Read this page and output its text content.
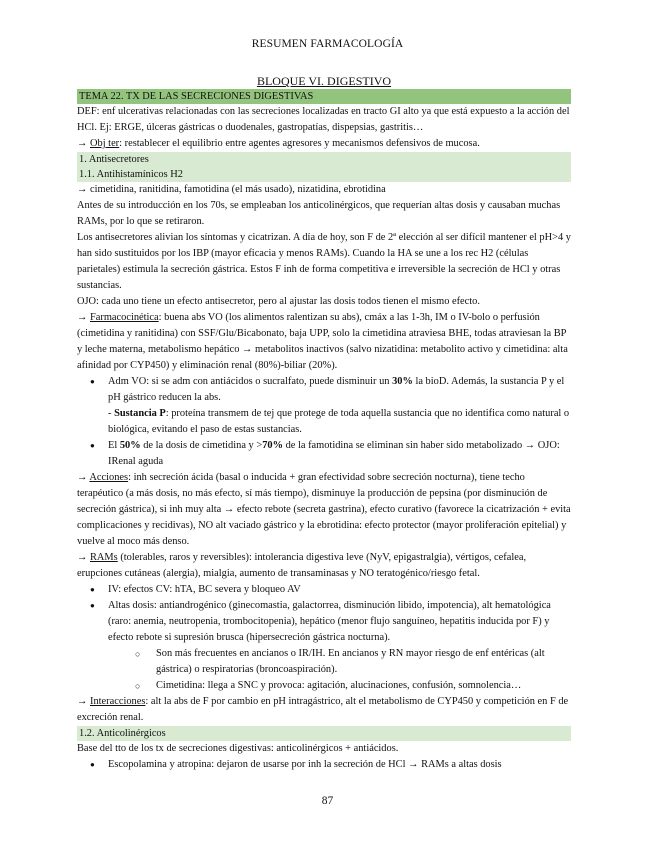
RESUMEN FARMACOLOGÍA

BLOQUE VI. DIGESTIVO

TEMA 22. TX DE LAS SECRECIONES DIGESTIVAS

DEF: enf ulcerativas relacionadas con las secreciones localizadas en tracto GI alto ya que está expuesto a la acción del HCl. Ej: ERGE, úlceras gástricas o duodenales, gastropatías, dispepsias, gastritis…

→ Obj ter: restablecer el equilibrio entre agentes agresores y mecanismos defensivos de mucosa.

1. Antisecretores

1.1. Antihistamínicos H2

→ cimetidina, ranitidina, famotidina (el más usado), nizatidina, ebrotidina

Antes de su introducción en los 70s, se empleaban los anticolinérgicos, que requerían altas dosis y causaban muchas RAMs, por lo que se retiraron.

Los antisecretores alivian los síntomas y cicatrizan. A día de hoy, son F de 2ª elección al ser difícil mantener el pH>4 y han sido sustituidos por los IBP (mayor eficacia y menos RAMs). Cuando la HA se une a los rec H2 (células parietales) estimula la secreción gástrica. Estos F inh de forma competitiva e irreversible la secreción de HCl y otras sustancias.

OJO: cada uno tiene un efecto antisecretor, pero al ajustar las dosis todos tienen el mismo efecto.

→ Farmacocinética: buena abs VO (los alimentos ralentizan su abs), cmáx a las 1-3h, IM o IV-bolo o perfusión (cimetidina y ranitidina) con SSF/Glu/Bicabonato, baja UPP, solo la cimetidina atraviesa BHE, todas atraviesan la BP y leche materna, metabolismo hepático → metabolitos inactivos (salvo nizatidina: metabolito activo y cimetidina: alta afinidad por CYP450) y eliminación renal (80%)-biliar (20%).

● Adm VO: si se adm con antiácidos o sucralfato, puede disminuir un 30% la bioD. Además, la sustancia P y el pH gástrico reducen la abs.
- Sustancia P: proteína transmem de tej que protege de toda aquella sustancia que no identifica como natural o biológica, evitando el paso de estas sustancias.
● El 50% de la dosis de cimetidina y >70% de la famotidina se eliminan sin haber sido metabolizado → OJO: IRenal aguda

→ Acciones: inh secreción ácida (basal o inducida + gran efectividad sobre secreción nocturna), tiene techo terapéutico (a más dosis, no más efecto, sí más tiempo), disminuye la producción de pepsina (por disminución de secreción gástrica), si inh muy alta → efecto rebote (secreta gastrina), efecto curativo (favorece la cicatrización + evita complicaciones y recidivas), NO alt vaciado gástrico y la ebrotidina: efecto protector (mayor proliferación epitelial) y vuelve al moco más denso.

→ RAMs (tolerables, raros y reversibles): intolerancia digestiva leve (NyV, epigastralgia), vértigos, cefalea, erupciones cutáneas (alergia), mialgia, aumento de transaminasas y NO teratogénico/riesgo fetal.

● IV: efectos CV: hTA, BC severa y bloqueo AV
● Altas dosis: antiandrogénico (ginecomastia, galactorrea, disminución libido, impotencia), alt hematológica (raro: anemia, neutropenia, trombocitopenia), hepático (menor flujo sanguíneo, hepatitis inducida por F) y efecto rebote si supresión brusca (hipersecreción gástrica nocturna).
○ Son más frecuentes en ancianos o IR/IH. En ancianos y RN mayor riesgo de enf entéricas (alt gástrica) o respiratorias (broncoaspiración).
○ Cimetidina: llega a SNC y provoca: agitación, alucinaciones, confusión, somnolencia…

→ Interacciones: alt la abs de F por cambio en pH intragástrico, alt el metabolismo de CYP450 y competición en F de excreción renal.

1.2. Anticolinérgicos

Base del tto de los tx de secreciones digestivas: anticolinérgicos + antiácidos.

● Escopolamina y atropina: dejaron de usarse por inh la secreción de HCl → RAMs a altas dosis
87
